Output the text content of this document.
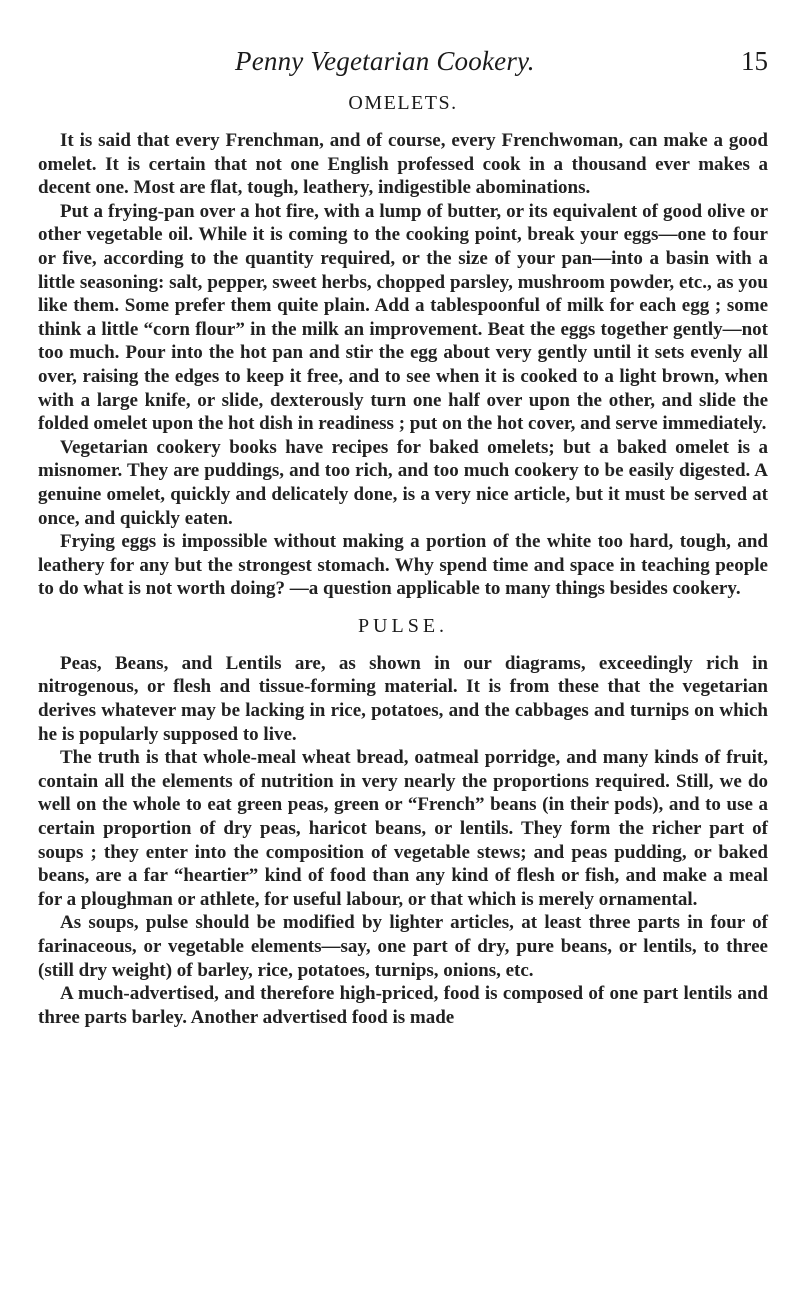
Penny Vegetarian Cookery.	15
OMELETS.

It is said that every Frenchman, and of course, every Frenchwoman, can make a good omelet. It is certain that not one English professed cook in a thousand ever makes a decent one. Most are flat, tough, leathery, indigestible abominations.

Put a frying-pan over a hot fire, with a lump of butter, or its equivalent of good olive or other vegetable oil. While it is coming to the cooking point, break your eggs—one to four or five, according to the quantity required, or the size of your pan—into a basin with a little seasoning: salt, pepper, sweet herbs, chopped parsley, mushroom powder, etc., as you like them. Some prefer them quite plain. Add a tablespoonful of milk for each egg ; some think a little “corn flour” in the milk an improvement. Beat the eggs together gently—not too much. Pour into the hot pan and stir the egg about very gently until it sets evenly all over, raising the edges to keep it free, and to see when it is cooked to a light brown, when with a large knife, or slide, dexterously turn one half over upon the other, and slide the folded omelet upon the hot dish in readiness ; put on the hot cover, and serve immediately.

Vegetarian cookery books have recipes for baked omelets; but a baked omelet is a misnomer. They are puddings, and too rich, and too much cookery to be easily digested. A genuine omelet, quickly and delicately done, is a very nice article, but it must be served at once, and quickly eaten.

Frying eggs is impossible without making a portion of the white too hard, tough, and leathery for any but the strongest stomach. Why spend time and space in teaching people to do what is not worth doing? —a question applicable to many things besides cookery.

PULSE.

Peas, Beans, and Lentils are, as shown in our diagrams, exceedingly rich in nitrogenous, or flesh and tissue-forming material. It is from these that the vegetarian derives whatever may be lacking in rice, potatoes, and the cabbages and turnips on which he is popularly supposed to live.

The truth is that whole-meal wheat bread, oatmeal porridge, and many kinds of fruit, contain all the elements of nutrition in very nearly the proportions required. Still, we do well on the whole to eat green peas, green or “French” beans (in their pods), and to use a certain proportion of dry peas, haricot beans, or lentils. They form the richer part of soups ; they enter into the composition of vegetable stews; and peas pudding, or baked beans, are a far “heartier” kind of food than any kind of flesh or fish, and make a meal for a ploughman or athlete, for useful labour, or that which is merely ornamental.

As soups, pulse should be modified by lighter articles, at least three parts in four of farinaceous, or vegetable elements—say, one part of dry, pure beans, or lentils, to three (still dry weight) of barley, rice, potatoes, turnips, onions, etc.

A much-advertised, and therefore high-priced, food is composed of one part lentils and three parts barley. Another advertised food is made
